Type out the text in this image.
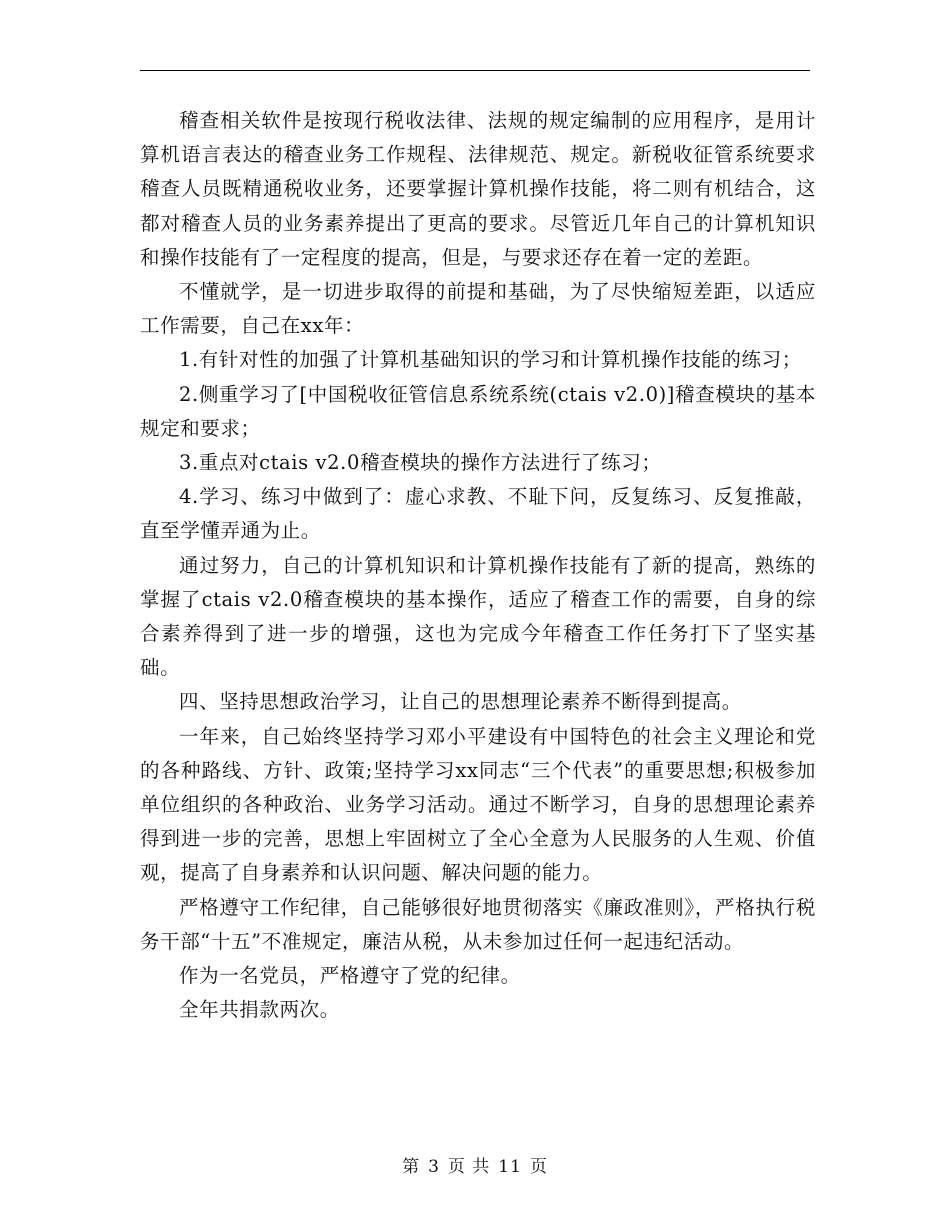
稽查相关软件是按现行税收法律、法规的规定编制的应用程序，是用计算机语言表达的稽查业务工作规程、法律规范、规定。新税收征管系统要求稽查人员既精通税收业务，还要掌握计算机操作技能，将二则有机结合，这都对稽查人员的业务素养提出了更高的要求。尽管近几年自己的计算机知识和操作技能有了一定程度的提高，但是，与要求还存在着一定的差距。

不懂就学，是一切进步取得的前提和基础，为了尽快缩短差距，以适应工作需要，自己在xx年：

1.有针对性的加强了计算机基础知识的学习和计算机操作技能的练习；

2.侧重学习了[中国税收征管信息系统系统(ctais v2.0)]稽查模块的基本规定和要求；

3.重点对ctais v2.0稽查模块的操作方法进行了练习；

4.学习、练习中做到了：虚心求教、不耻下问，反复练习、反复推敲，直至学懂弄通为止。

通过努力，自己的计算机知识和计算机操作技能有了新的提高，熟练的掌握了ctais v2.0稽查模块的基本操作，适应了稽查工作的需要，自身的综合素养得到了进一步的增强，这也为完成今年稽查工作任务打下了坚实基础。

四、坚持思想政治学习，让自己的思想理论素养不断得到提高。

一年来，自己始终坚持学习邓小平建设有中国特色的社会主义理论和党的各种路线、方针、政策;坚持学习xx同志“三个代表”的重要思想;积极参加单位组织的各种政治、业务学习活动。通过不断学习，自身的思想理论素养得到进一步的完善，思想上牢固树立了全心全意为人民服务的人生观、价值观，提高了自身素养和认识问题、解决问题的能力。

严格遵守工作纪律，自己能够很好地贯彻落实《廉政准则》，严格执行税务干部“十五”不准规定，廉洁从税，从未参加过任何一起违纪活动。

作为一名党员，严格遵守了党的纪律。

全年共捐款两次。

第 3 页 共 11 页
